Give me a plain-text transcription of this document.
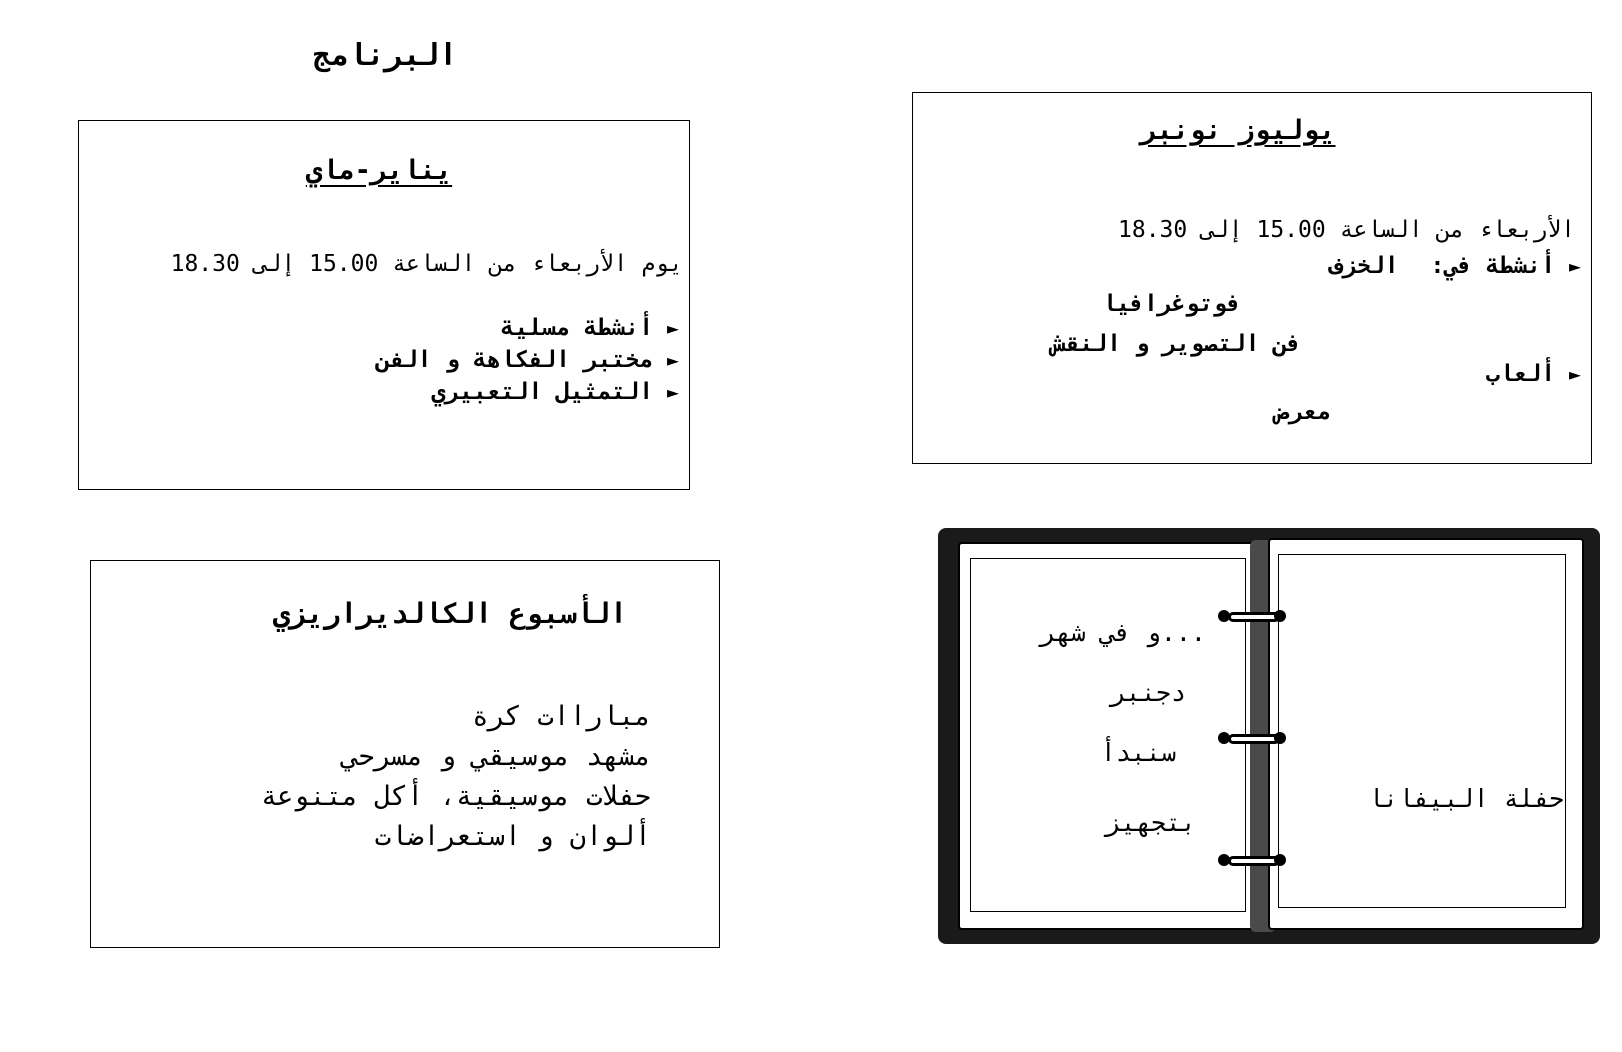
البرنامج
يناير-ماي
يوم الأربعاء من الساعة 15.00 إلى 18.30
► أنشطة مسلية
► مختبر الفكاهة و الفن
► التمثيل التعبيري
يوليوز نونبر
الأربعاء من الساعة 15.00 إلى 18.30
► أنشطة في: الخزف
فوتوغرافيا
فن التصوير و النقش
► ألعاب
معرض
الأسبوع الكالديراريزي
مباراات كرة
مشهد موسيقي و مسرحي
حفلات موسيقية، أكل متنوعة
ألوان و استعراضات
...و في شهر
دجنبر
سنبدأ
بتجهيز
حفلة البيفانا
